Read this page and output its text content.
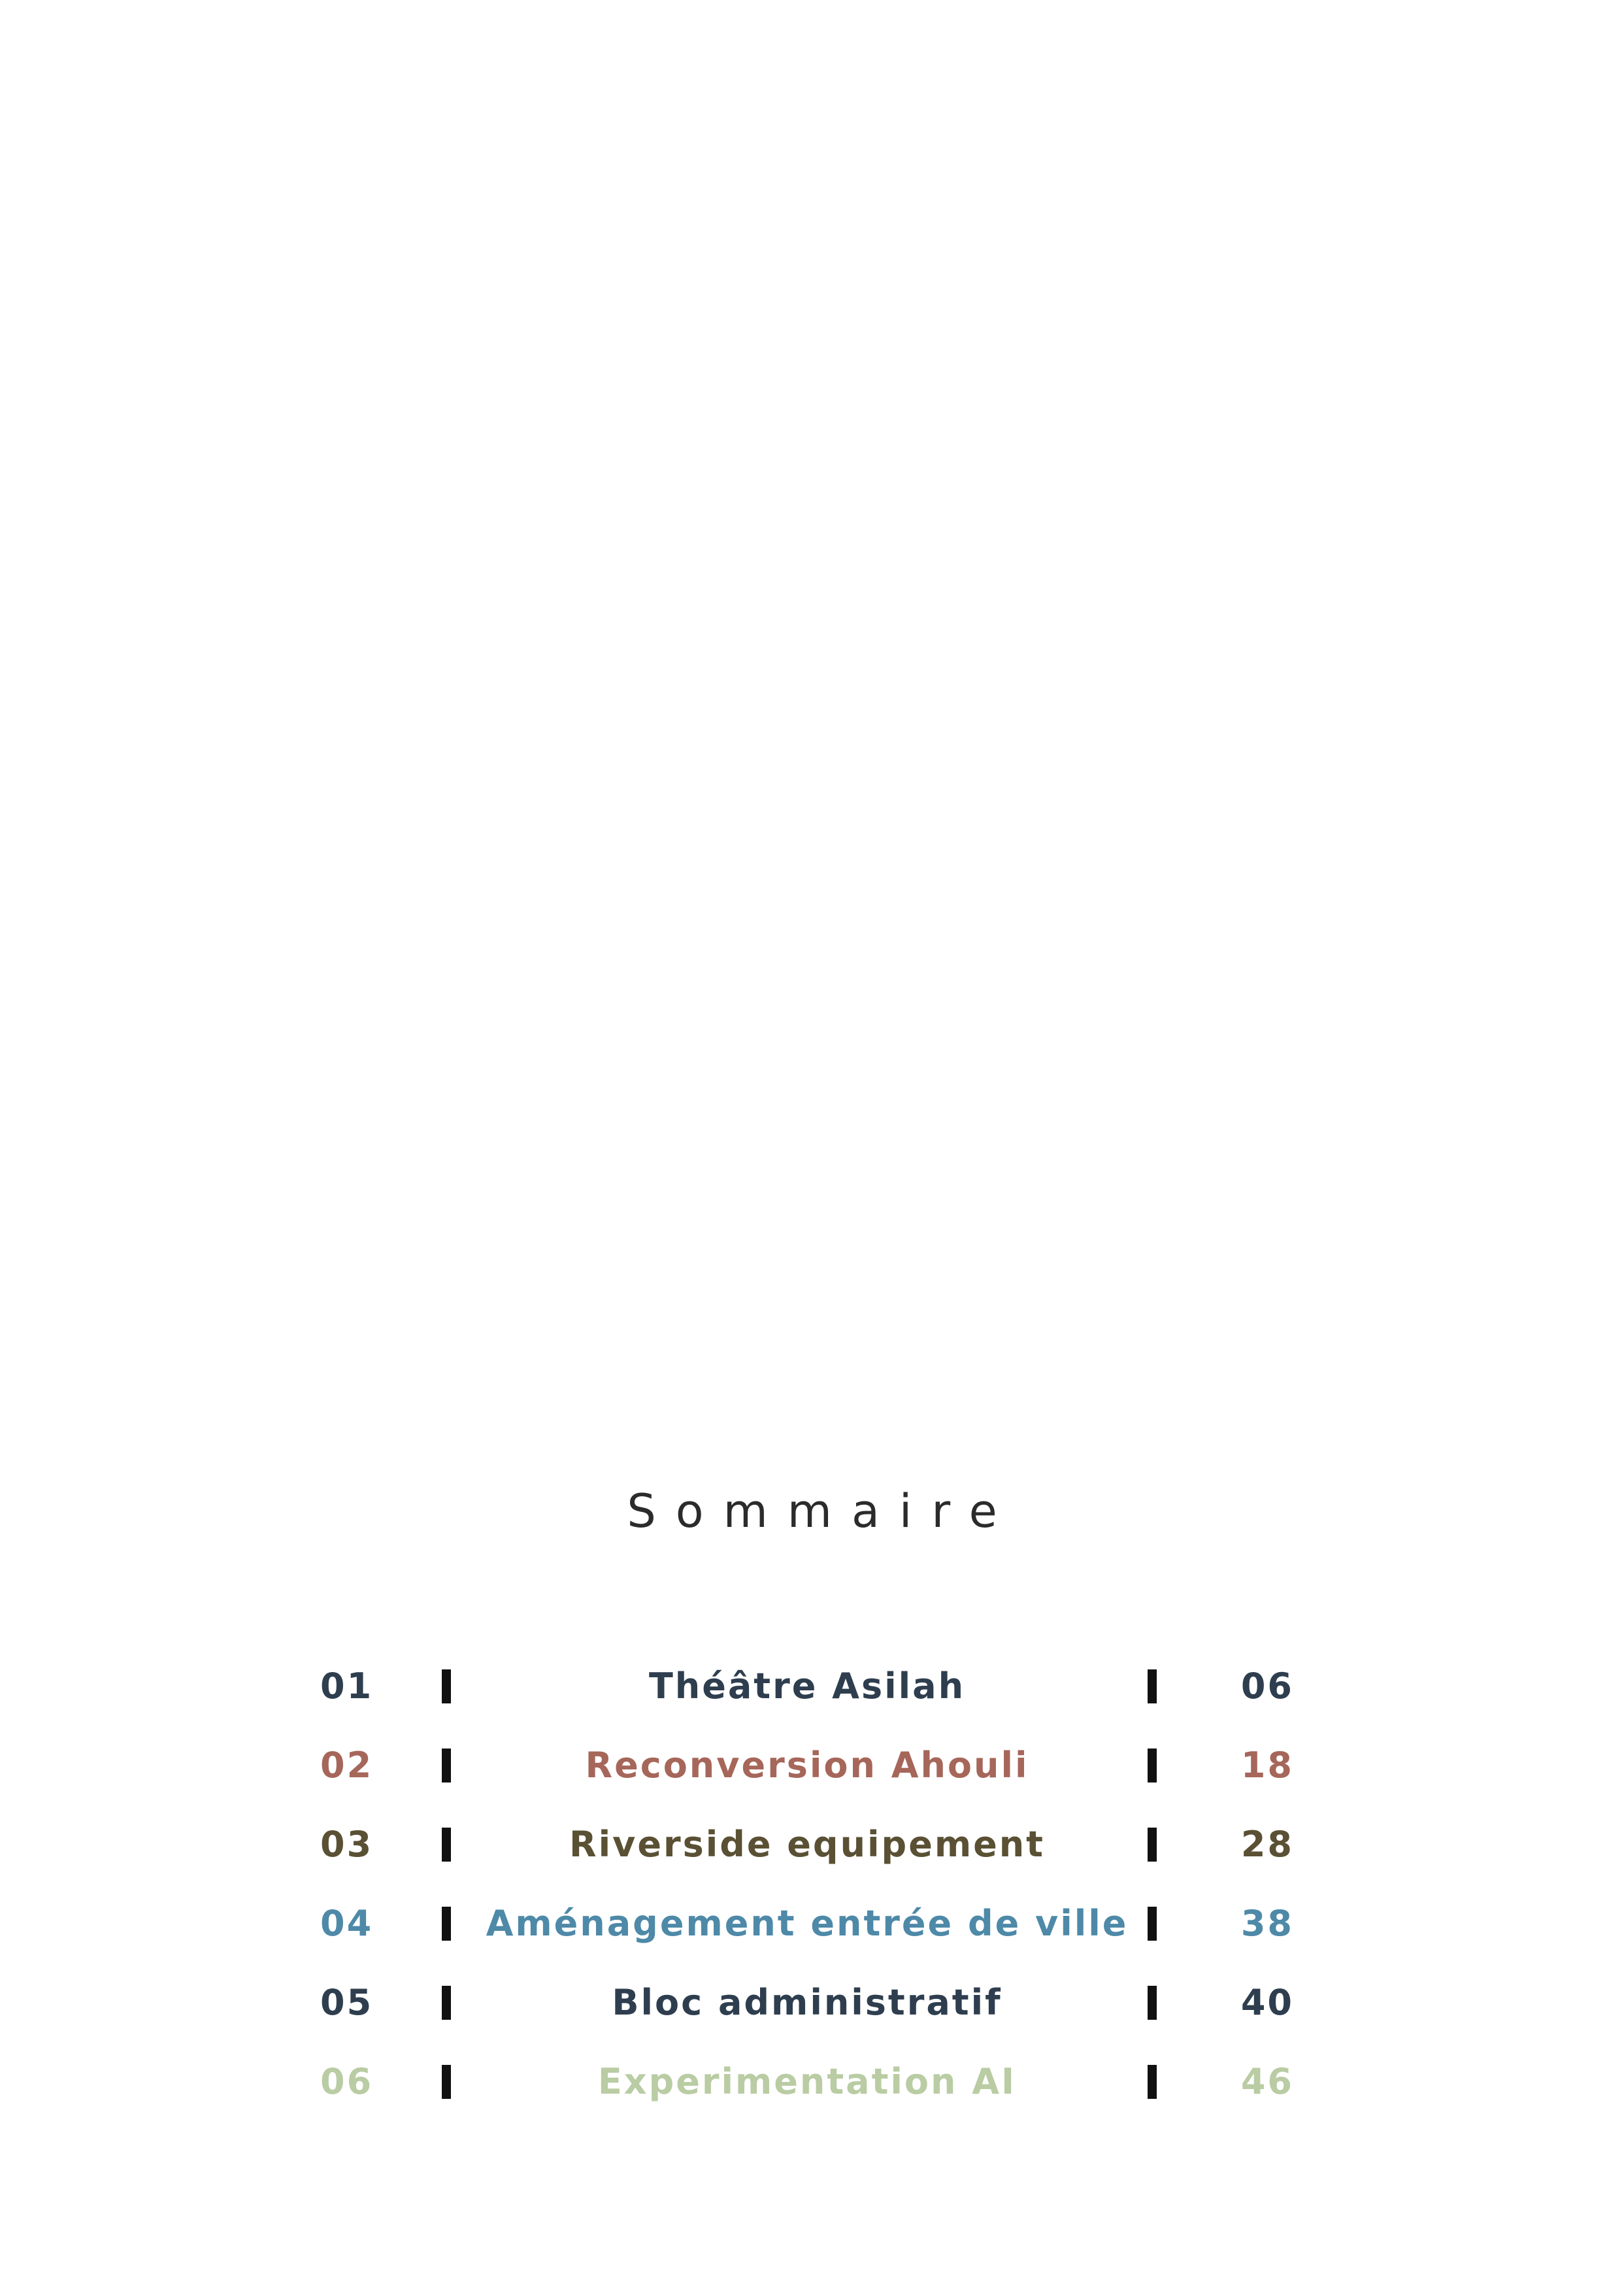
Sommaire
01	Théâtre Asilah	06
02	Reconversion Ahouli	18
03	Riverside equipement	28
04	Aménagement entrée de ville	38
05	Bloc administratif	40
06	Experimentation AI	46
